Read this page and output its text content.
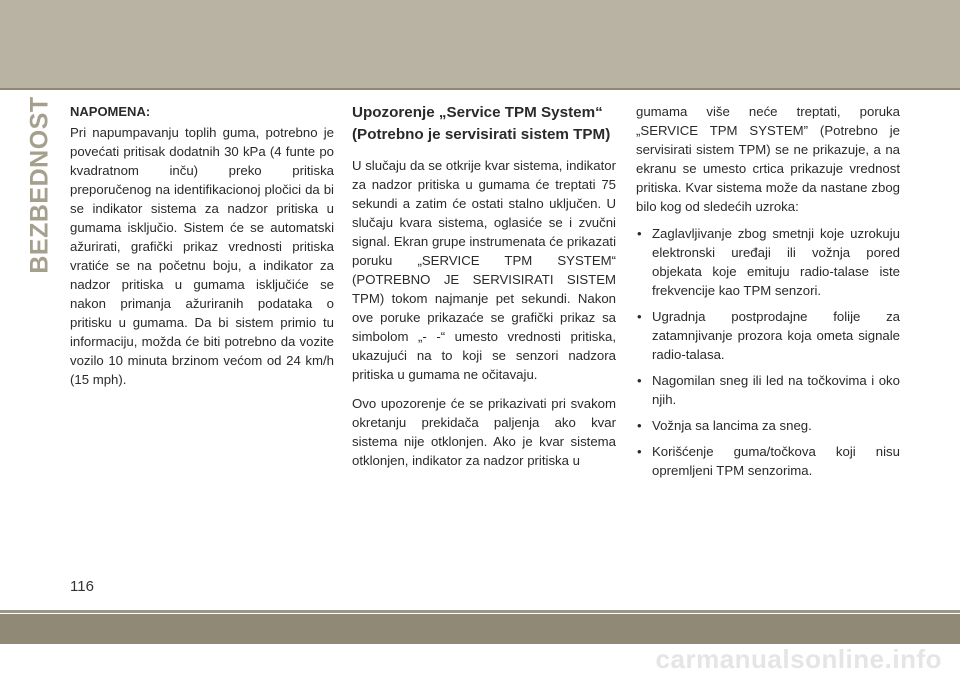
BEZBEDNOST NAPOMENA:

Pri napumpavanju toplih guma, potrebno je povećati pritisak dodatnih 30 kPa (4 funte po kvadratnom inču) preko pritiska preporučenog na identifikacionoj pločici da bi se indikator sistema za nadzor pritiska u gumama isključio. Sistem će se automatski ažurirati, grafički prikaz vrednosti pritiska vratiće se na početnu boju, a indikator za nadzor pritiska u gumama isključiće se nakon primanja ažuriranih podataka o pritisku u gumama. Da bi sistem primio tu informaciju, možda će biti potrebno da vozite vozilo 10 minuta brzinom većom od 24 km/h (15 mph).

Upozorenje „Service TPM System“ (Potrebno je servisirati sistem TPM)

U slučaju da se otkrije kvar sistema, indikator za nadzor pritiska u gumama će treptati 75 sekundi a zatim će ostati stalno uključen. U slučaju kvara sistema, oglasiće se i zvučni signal. Ekran grupe instrumenata će prikazati poruku „SERVICE TPM SYSTEM“ (POTREBNO JE SERVISIRATI SISTEM TPM) tokom najmanje pet sekundi. Nakon ove poruke prikazaće se grafički prikaz sa simbolom „- -“ umesto vrednosti pritiska, ukazujući na to koji se senzori nadzora pritiska u gumama ne očitavaju.

Ovo upozorenje će se prikazivati pri svakom okretanju prekidača paljenja ako kvar sistema nije otklonjen. Ako je kvar sistema otklonjen, indikator za nadzor pritiska u

gumama više neće treptati, poruka „SERVICE TPM SYSTEM” (Potrebno je servisirati sistem TPM) se ne prikazuje, a na ekranu se umesto crtica prikazuje vrednost pritiska. Kvar sistema može da nastane zbog bilo kog od sledećih uzroka:

• Zaglavljivanje zbog smetnji koje uzrokuju elektronski uređaji ili vožnja pored objekata koje emituju radio-talase iste frekvencije kao TPM senzori.
• Ugradnja postprodajne folije za zatamnjivanje prozora koja ometa signale radio-talasa.
• Nagomilan sneg ili led na točkovima i oko njih.
• Vožnja sa lancima za sneg.
• Korišćenje guma/točkova koji nisu opremljeni TPM senzorima.
116
carmanualsonline.info
